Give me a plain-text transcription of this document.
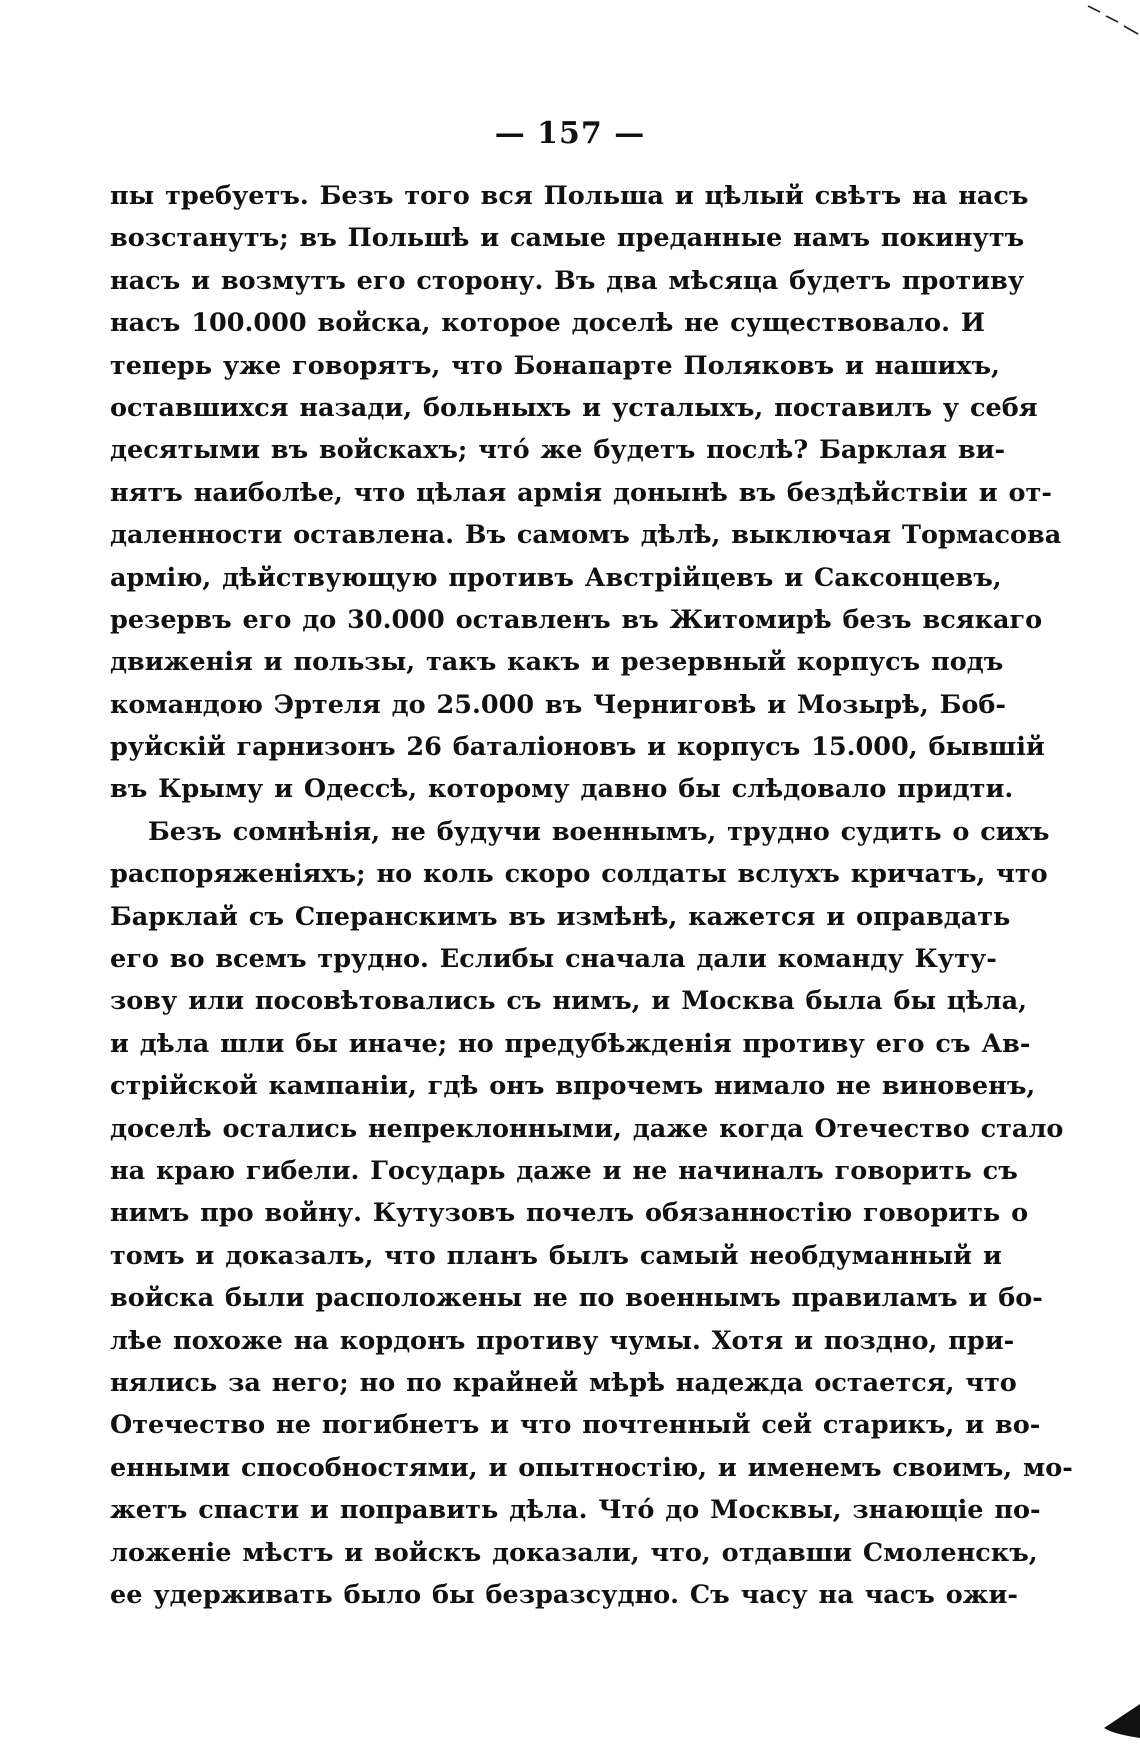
— 157 —
пы требуетъ. Безъ того вся Польша и цѣлый свѣтъ на насъ
возстанутъ; въ Польшѣ и самые преданные намъ покинутъ
насъ и возмутъ его сторону. Въ два мѣсяца будетъ противу
насъ 100.000 войска, которое доселѣ не существовало. И
теперь уже говорятъ, что Бонапарте Поляковъ и нашихъ,
оставшихся назади, больныхъ и усталыхъ, поставилъ у себя
десятыми въ войскахъ; что́ же будетъ послѣ? Барклая ви-
нятъ наиболѣе, что цѣлая армія донынѣ въ бездѣйствіи и от-
даленности оставлена. Въ самомъ дѣлѣ, выключая Тормасова
армію, дѣйствующую противъ Австрійцевъ и Саксонцевъ,
резервъ его до 30.000 оставленъ въ Житомирѣ безъ всякаго
движенія и пользы, такъ какъ и резервный корпусъ подъ
командою Эртеля до 25.000 въ Черниговѣ и Мозырѣ, Боб-
руйскій гарнизонъ 26 баталіоновъ и корпусъ 15.000, бывшій
въ Крыму и Одессѣ, которому давно бы слѣдовало придти.
Безъ сомнѣнія, не будучи военнымъ, трудно судить о сихъ
распоряженіяхъ; но коль скоро солдаты вслухъ кричатъ, что
Барклай съ Сперанскимъ въ измѣнѣ, кажется и оправдать
его во всемъ трудно. Еслибы сначала дали команду Куту-
зову или посовѣтовались съ нимъ, и Москва была бы цѣла,
и дѣла шли бы иначе; но предубѣжденія противу его съ Ав-
стрійской кампаніи, гдѣ онъ впрочемъ нимало не виновенъ,
доселѣ остались непреклонными, даже когда Отечество стало
на краю гибели. Государь даже и не начиналъ говорить съ
нимъ про войну. Кутузовъ почелъ обязанностію говорить о
томъ и доказалъ, что планъ былъ самый необдуманный и
войска были расположены не по военнымъ правиламъ и бо-
лѣе похоже на кордонъ противу чумы. Хотя и поздно, при-
нялись за него; но по крайней мѣрѣ надежда остается, что
Отечество не погибнетъ и что почтенный сей старикъ, и во-
енными способностями, и опытностію, и именемъ своимъ, мо-
жетъ спасти и поправить дѣла. Что́ до Москвы, знающіе по-
ложеніе мѣстъ и войскъ доказали, что, отдавши Смоленскъ,
ее удерживать было бы безразсудно. Съ часу на часъ ожи-
